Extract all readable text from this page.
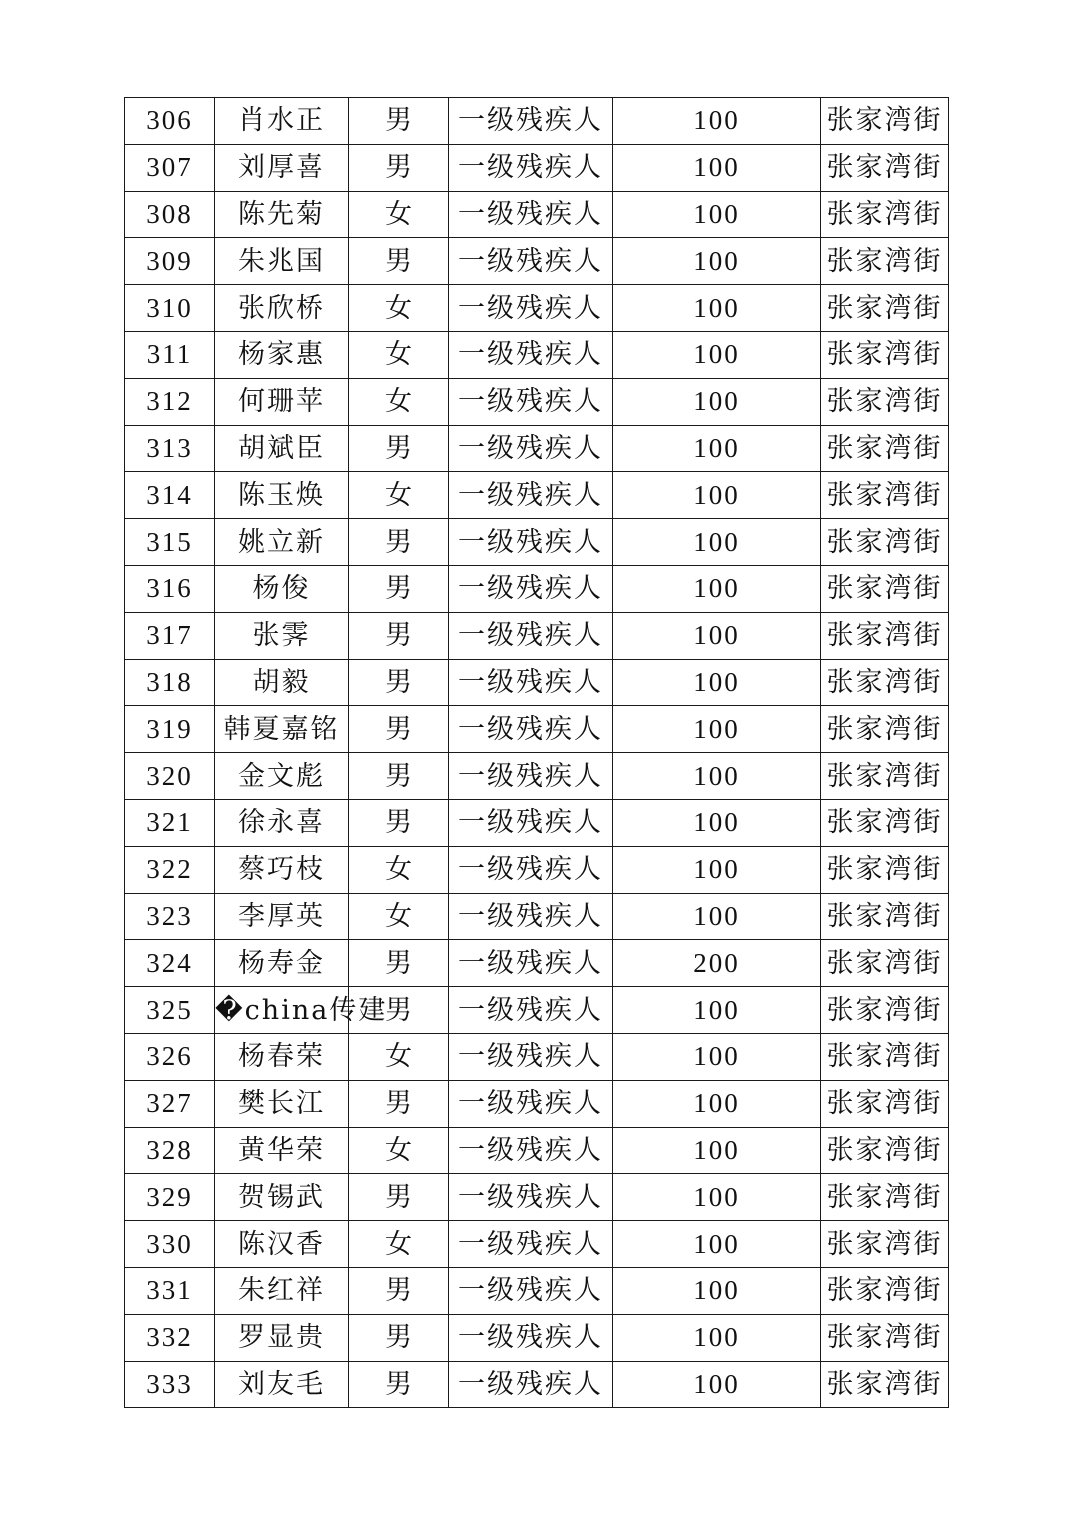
306	肖水正	男	一级残疾人	100	张家湾街
307	刘厚喜	男	一级残疾人	100	张家湾街
308	陈先菊	女	一级残疾人	100	张家湾街
309	朱兆国	男	一级残疾人	100	张家湾街
310	张欣桥	女	一级残疾人	100	张家湾街
311	杨家惠	女	一级残疾人	100	张家湾街
312	何珊苹	女	一级残疾人	100	张家湾街
313	胡斌臣	男	一级残疾人	100	张家湾街
314	陈玉焕	女	一级残疾人	100	张家湾街
315	姚立新	男	一级残疾人	100	张家湾街
316	杨俊	男	一级残疾人	100	张家湾街
317	张霁	男	一级残疾人	100	张家湾街
318	胡毅	男	一级残疾人	100	张家湾街
319	韩夏嘉铭	男	一级残疾人	100	张家湾街
320	金文彪	男	一级残疾人	100	张家湾街
321	徐永喜	男	一级残疾人	100	张家湾街
322	蔡巧枝	女	一级残疾人	100	张家湾街
323	李厚英	女	一级残疾人	100	张家湾街
324	杨寿金	男	一级残疾人	200	张家湾街
325	�china传建	男	一级残疾人	100	张家湾街
326	杨春荣	女	一级残疾人	100	张家湾街
327	樊长江	男	一级残疾人	100	张家湾街
328	黄华荣	女	一级残疾人	100	张家湾街
329	贺锡武	男	一级残疾人	100	张家湾街
330	陈汉香	女	一级残疾人	100	张家湾街
331	朱红祥	男	一级残疾人	100	张家湾街
332	罗显贵	男	一级残疾人	100	张家湾街
333	刘友毛	男	一级残疾人	100	张家湾街
